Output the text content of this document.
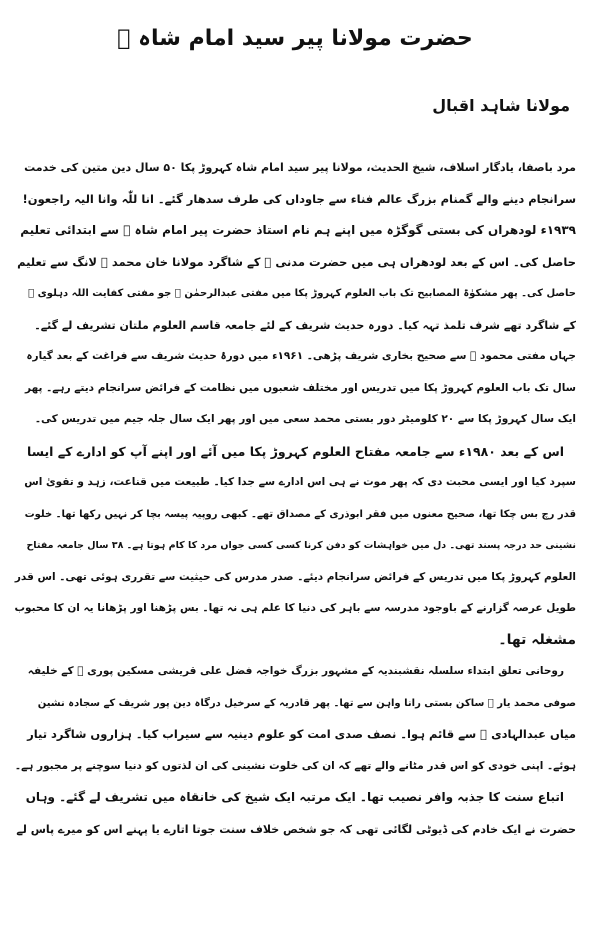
حضرت مولانا پیر سید امام شاہ ﷫
مولانا شاہد اقبال
مرد باصفا، یادگار اسلاف، شیخ الحدیث، مولانا پیر سید امام شاہ کہروڑ پکا ۵۰ سال دین متین کی خدمت
سرانجام دینے والے گمنام بزرگ عالم فناء سے جاوداں کی طرف سدھار گئے۔ انا للّٰہ وانا الیہ راجعون!
۱۹۳۹ء لودھراں کی بستی گوگڑہ میں اپنے ہم نام استاذ حضرت پیر امام شاہ ﷫ سے ابتدائی تعلیم
حاصل کی۔ اس کے بعد لودھراں ہی میں حضرت مدنی ﷫ کے شاگرد مولانا خان محمد ﷫ لانگ سے تعلیم
حاصل کی۔ پھر مشکوٰۃ المصابیح تک باب العلوم کہروڑ پکا میں مفتی عبدالرحمٰن ﷫ جو مفتی کفایت اللہ دہلوی ﷫
کے شاگرد تھے شرف تلمذ تہہ کیا۔ دورہ حدیث شریف کے لئے جامعہ قاسم العلوم ملتان تشریف لے گئے۔
جہاں مفتی محمود ﷫ سے صحیح بخاری شریف پڑھی۔ ۱۹۶۱ء میں دورۂ حدیث شریف سے فراغت کے بعد گیارہ
سال تک باب العلوم کہروڑ پکا میں تدریس اور مختلف شعبوں میں نظامت کے فرائض سرانجام دیتے رہے۔ پھر
ایک سال کہروڑ پکا سے ۲۰ کلومیٹر دور بستی محمد سعی میں اور پھر ایک سال جلہ جیم میں تدریس کی۔
اس کے بعد ۱۹۸۰ء سے جامعہ مفتاح العلوم کہروڑ پکا میں آئے اور اپنے آپ کو ادارے کے ایسا
سپرد کیا اور ایسی محبت دی کہ پھر موت نے ہی اس ادارے سے جدا کیا۔ طبیعت میں قناعت، زہد و تقویٰ اس
قدر رچ بس چکا تھا، صحیح معنوں میں فقر ابوذری کے مصداق تھے۔ کبھی روپیہ پیسہ بچا کر نہیں رکھا تھا۔ خلوت
نشینی حد درجہ پسند تھی۔ دل میں خواہشات کو دفن کرنا کسی کسی جواں مرد کا کام ہوتا ہے۔ ۳۸ سال جامعہ مفتاح
العلوم کہروڑ پکا میں تدریس کے فرائض سرانجام دیئے۔ صدر مدرس کی حیثیت سے تقرری ہوئی تھی۔ اس قدر
طویل عرصہ گزارنے کے باوجود مدرسہ سے باہر کی دنیا کا علم ہی نہ تھا۔ بس پڑھنا اور پڑھانا یہ ان کا محبوب
مشغلہ تھا۔
روحانی تعلق ابتداء سلسلہ نقشبندیہ کے مشہور بزرگ خواجہ فضل علی قریشی مسکین پوری ﷫ کے خلیفہ
صوفی محمد یار ﷫ ساکن بستی رانا واہن سے تھا۔ پھر قادریہ کے سرخیل درگاہ دین پور شریف کے سجادہ نشین
میاں عبدالہادی ﷫ سے قائم ہوا۔ نصف صدی امت کو علوم دینیہ سے سیراب کیا۔ ہزاروں شاگرد تیار
ہوئے۔ اپنی خودی کو اس قدر مٹانے والے تھے کہ ان کی خلوت نشینی کی ان لذتوں کو دنیا سوچنے پر مجبور ہے۔
اتباع سنت کا جذبہ وافر نصیب تھا۔ ایک مرتبہ ایک شیخ کی خانقاہ میں تشریف لے گئے۔ وہاں
حضرت نے ایک خادم کی ڈیوٹی لگائی تھی کہ جو شخص خلاف سنت جوتا اتارے یا پہنے اس کو میرے پاس لے
